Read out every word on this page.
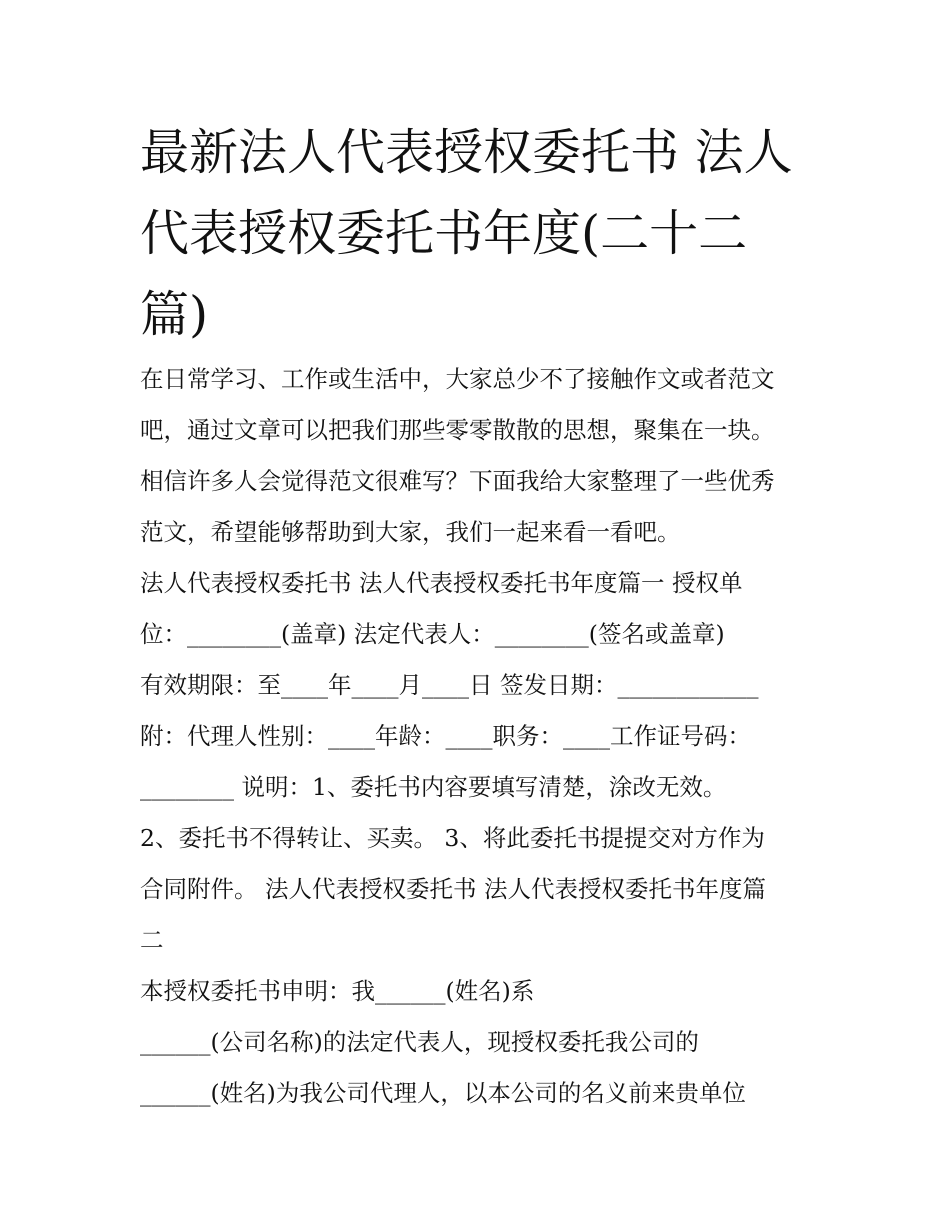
最新法人代表授权委托书 法人
代表授权委托书年度(二十二
篇)
在日常学习、工作或生活中，大家总少不了接触作文或者范文
吧，通过文章可以把我们那些零零散散的思想，聚集在一块。
相信许多人会觉得范文很难写？下面我给大家整理了一些优秀
范文，希望能够帮助到大家，我们一起来看一看吧。
法人代表授权委托书 法人代表授权委托书年度篇一 授权单
位：________(盖章) 法定代表人：________(签名或盖章)
有效期限：至____年____月____日 签发日期：____________
附：代理人性别：____年龄：____职务：____工作证号码：
________ 说明：1、委托书内容要填写清楚，涂改无效。
2、委托书不得转让、买卖。 3、将此委托书提提交对方作为
合同附件。 法人代表授权委托书 法人代表授权委托书年度篇
二
本授权委托书申明：我______(姓名)系
______(公司名称)的法定代表人，现授权委托我公司的
______(姓名)为我公司代理人，以本公司的名义前来贵单位
